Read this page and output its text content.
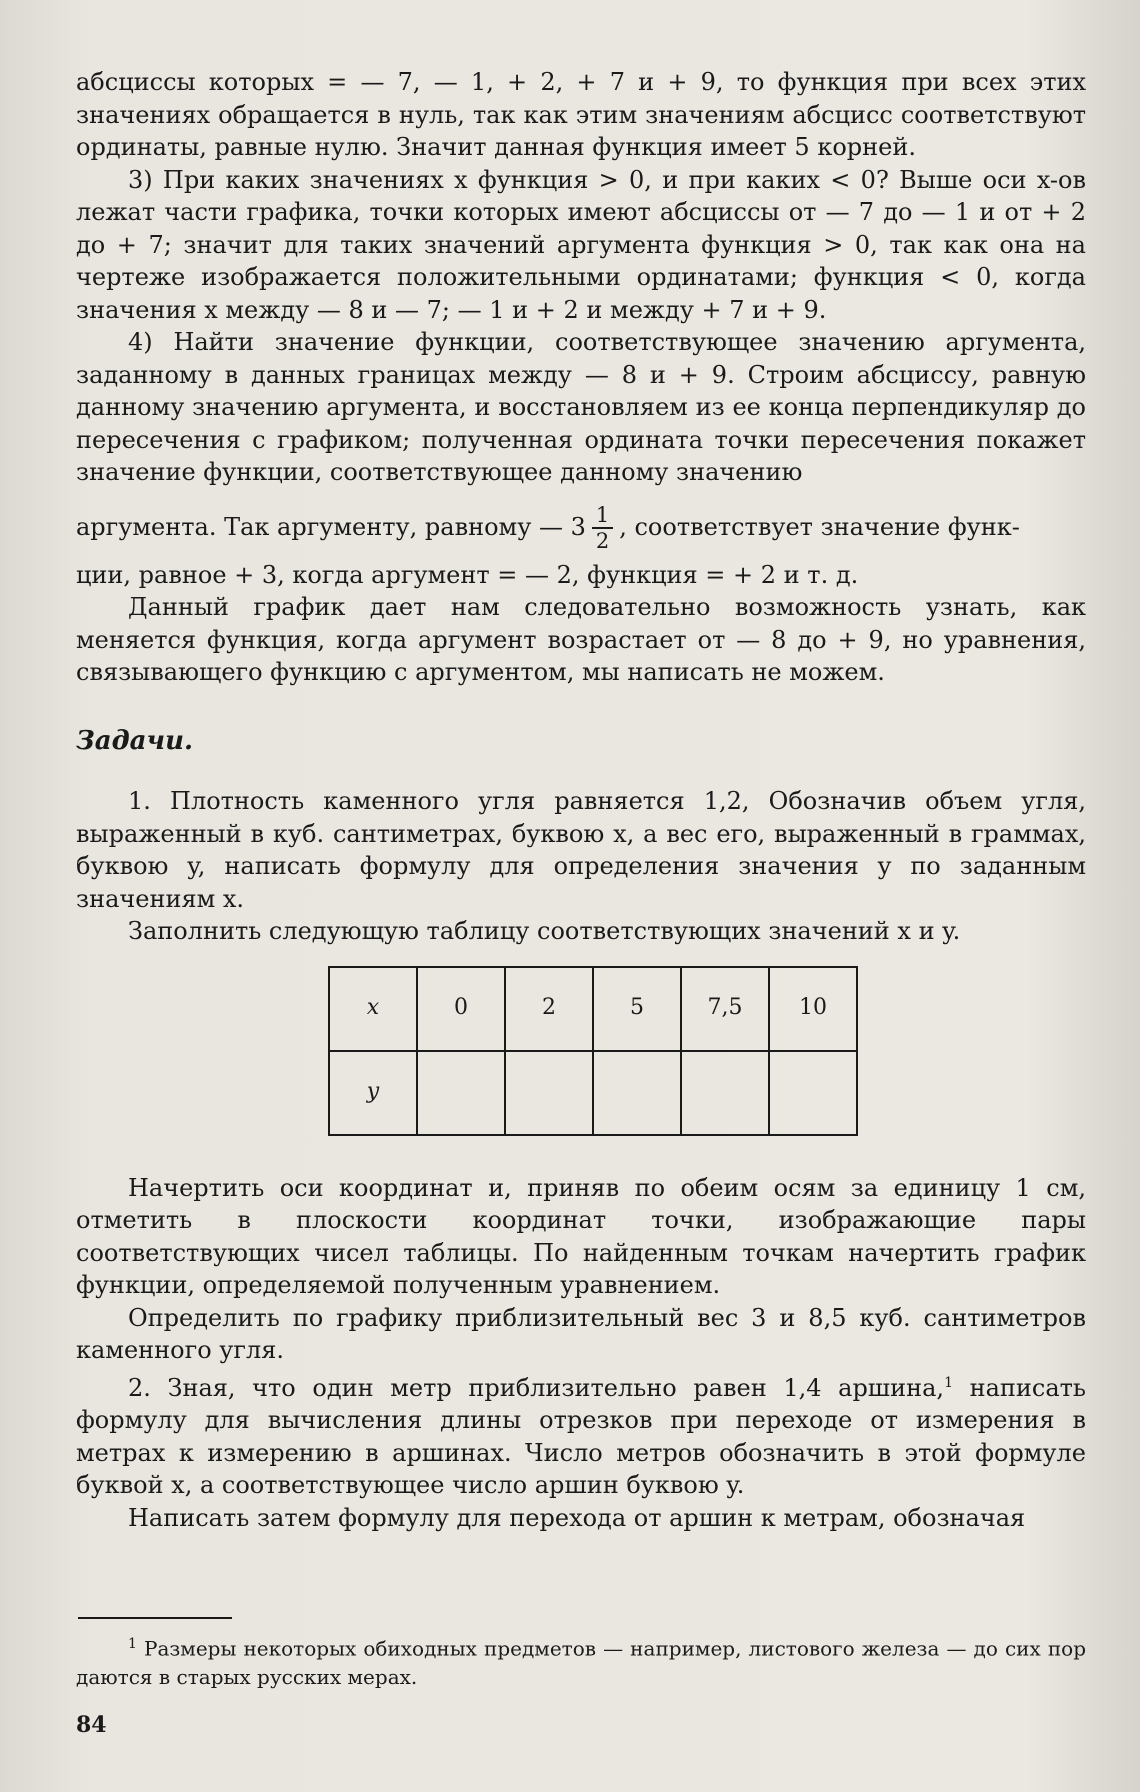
абсциссы которых = — 7, — 1, + 2, + 7 и + 9, то функция при всех этих значениях обращается в нуль, так как этим значениям абсцисс соответствуют ординаты, равные нулю. Значит данная функция имеет 5 корней.

3) При каких значениях x функция > 0, и при каких < 0? Выше оси x-ов лежат части графика, точки которых имеют абсциссы от — 7 до — 1 и от + 2 до + 7; значит для таких значений аргумента функция > 0, так как она на чертеже изображается положительными ординатами; функция < 0, когда значения x между — 8 и — 7; — 1 и + 2 и между + 7 и + 9.

4) Найти значение функции, соответствующее значению аргумента, заданному в данных границах между — 8 и + 9. Строим абсциссу, равную данному значению аргумента, и восстановляем из ее конца перпендикуляр до пересечения с графиком; полученная ордината точки пересечения покажет значение функции, соответствующее данному значению

аргумента. Так аргументу, равному — $3 \frac{1}{2}$ , соответствует значение функ-

ции, равное + 3, когда аргумент = — 2, функция = + 2 и т. д.

Данный график дает нам следовательно возможность узнать, как меняется функция, когда аргумент возрастает от — 8 до + 9, но уравнения, связывающего функцию с аргументом, мы написать не можем.

Задачи.

1. Плотность каменного угля равняется 1,2, Обозначив объем угля, выраженный в куб. сантиметрах, буквою x, а вес его, выраженный в граммах, буквою y, написать формулу для определения значения y по заданным значениям x.

Заполнить следующую таблицу соответствующих значений x и y.

x	0	2	5	7,5	10
y					

Начертить оси координат и, приняв по обеим осям за единицу 1 см, отметить в плоскости координат точки, изображающие пары соответствующих чисел таблицы. По найденным точкам начертить график функции, определяемой полученным уравнением.

Определить по графику приблизительный вес 3 и 8,5 куб. сантиметров каменного угля.

2. Зная, что один метр приблизительно равен 1,4 аршина,$^1$ написать формулу для вычисления длины отрезков при переходе от измерения в метрах к измерению в аршинах. Число метров обозначить в этой формуле буквой x, а соответствующее число аршин буквою y.

Написать затем формулу для перехода от аршин к метрам, обозначая

$^1$ Размеры некоторых обиходных предметов — например, листового железа — до сих пор даются в старых русских мерах.
84
